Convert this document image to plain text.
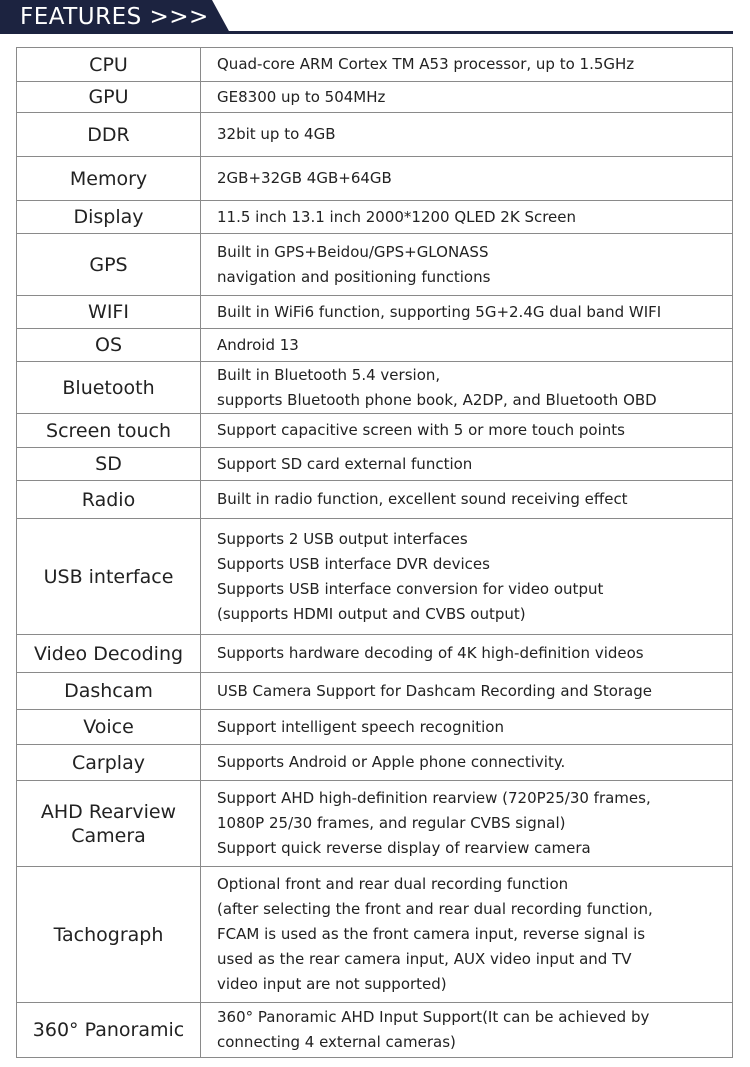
FEATURES >>>
CPU	Quad-core ARM Cortex TM A53 processor, up to 1.5GHz

GPU	GE8300 up to 504MHz

DDR	32bit up to 4GB

Memory	2GB+32GB 4GB+64GB

Display	11.5 inch 13.1 inch 2000*1200 QLED 2K Screen

GPS	Built in GPS+Beidou/GPS+GLONASS
navigation and positioning functions

WIFI	Built in WiFi6 function, supporting 5G+2.4G dual band WIFI

OS	Android 13

Bluetooth	Built in Bluetooth 5.4 version,
supports Bluetooth phone book, A2DP, and Bluetooth OBD

Screen touch	Support capacitive screen with 5 or more touch points

SD	Support SD card external function

Radio	Built in radio function, excellent sound receiving effect

USB interface	Supports 2 USB output interfaces
Supports USB interface DVR devices
Supports USB interface conversion for video output
(supports HDMI output and CVBS output)

Video Decoding	Supports hardware decoding of 4K high-definition videos

Dashcam	USB Camera Support for Dashcam Recording and Storage

Voice	Support intelligent speech recognition

Carplay	Supports Android or Apple phone connectivity.

AHD Rearview
Camera	Support AHD high-definition rearview (720P25/30 frames,
1080P 25/30 frames, and regular CVBS signal)
Support quick reverse display of rearview camera

Tachograph	Optional front and rear dual recording function
(after selecting the front and rear dual recording function,
FCAM is used as the front camera input, reverse signal is
used as the rear camera input, AUX video input and TV
video input are not supported)

360° Panoramic	360° Panoramic AHD Input Support(It can be achieved by
connecting 4 external cameras)
